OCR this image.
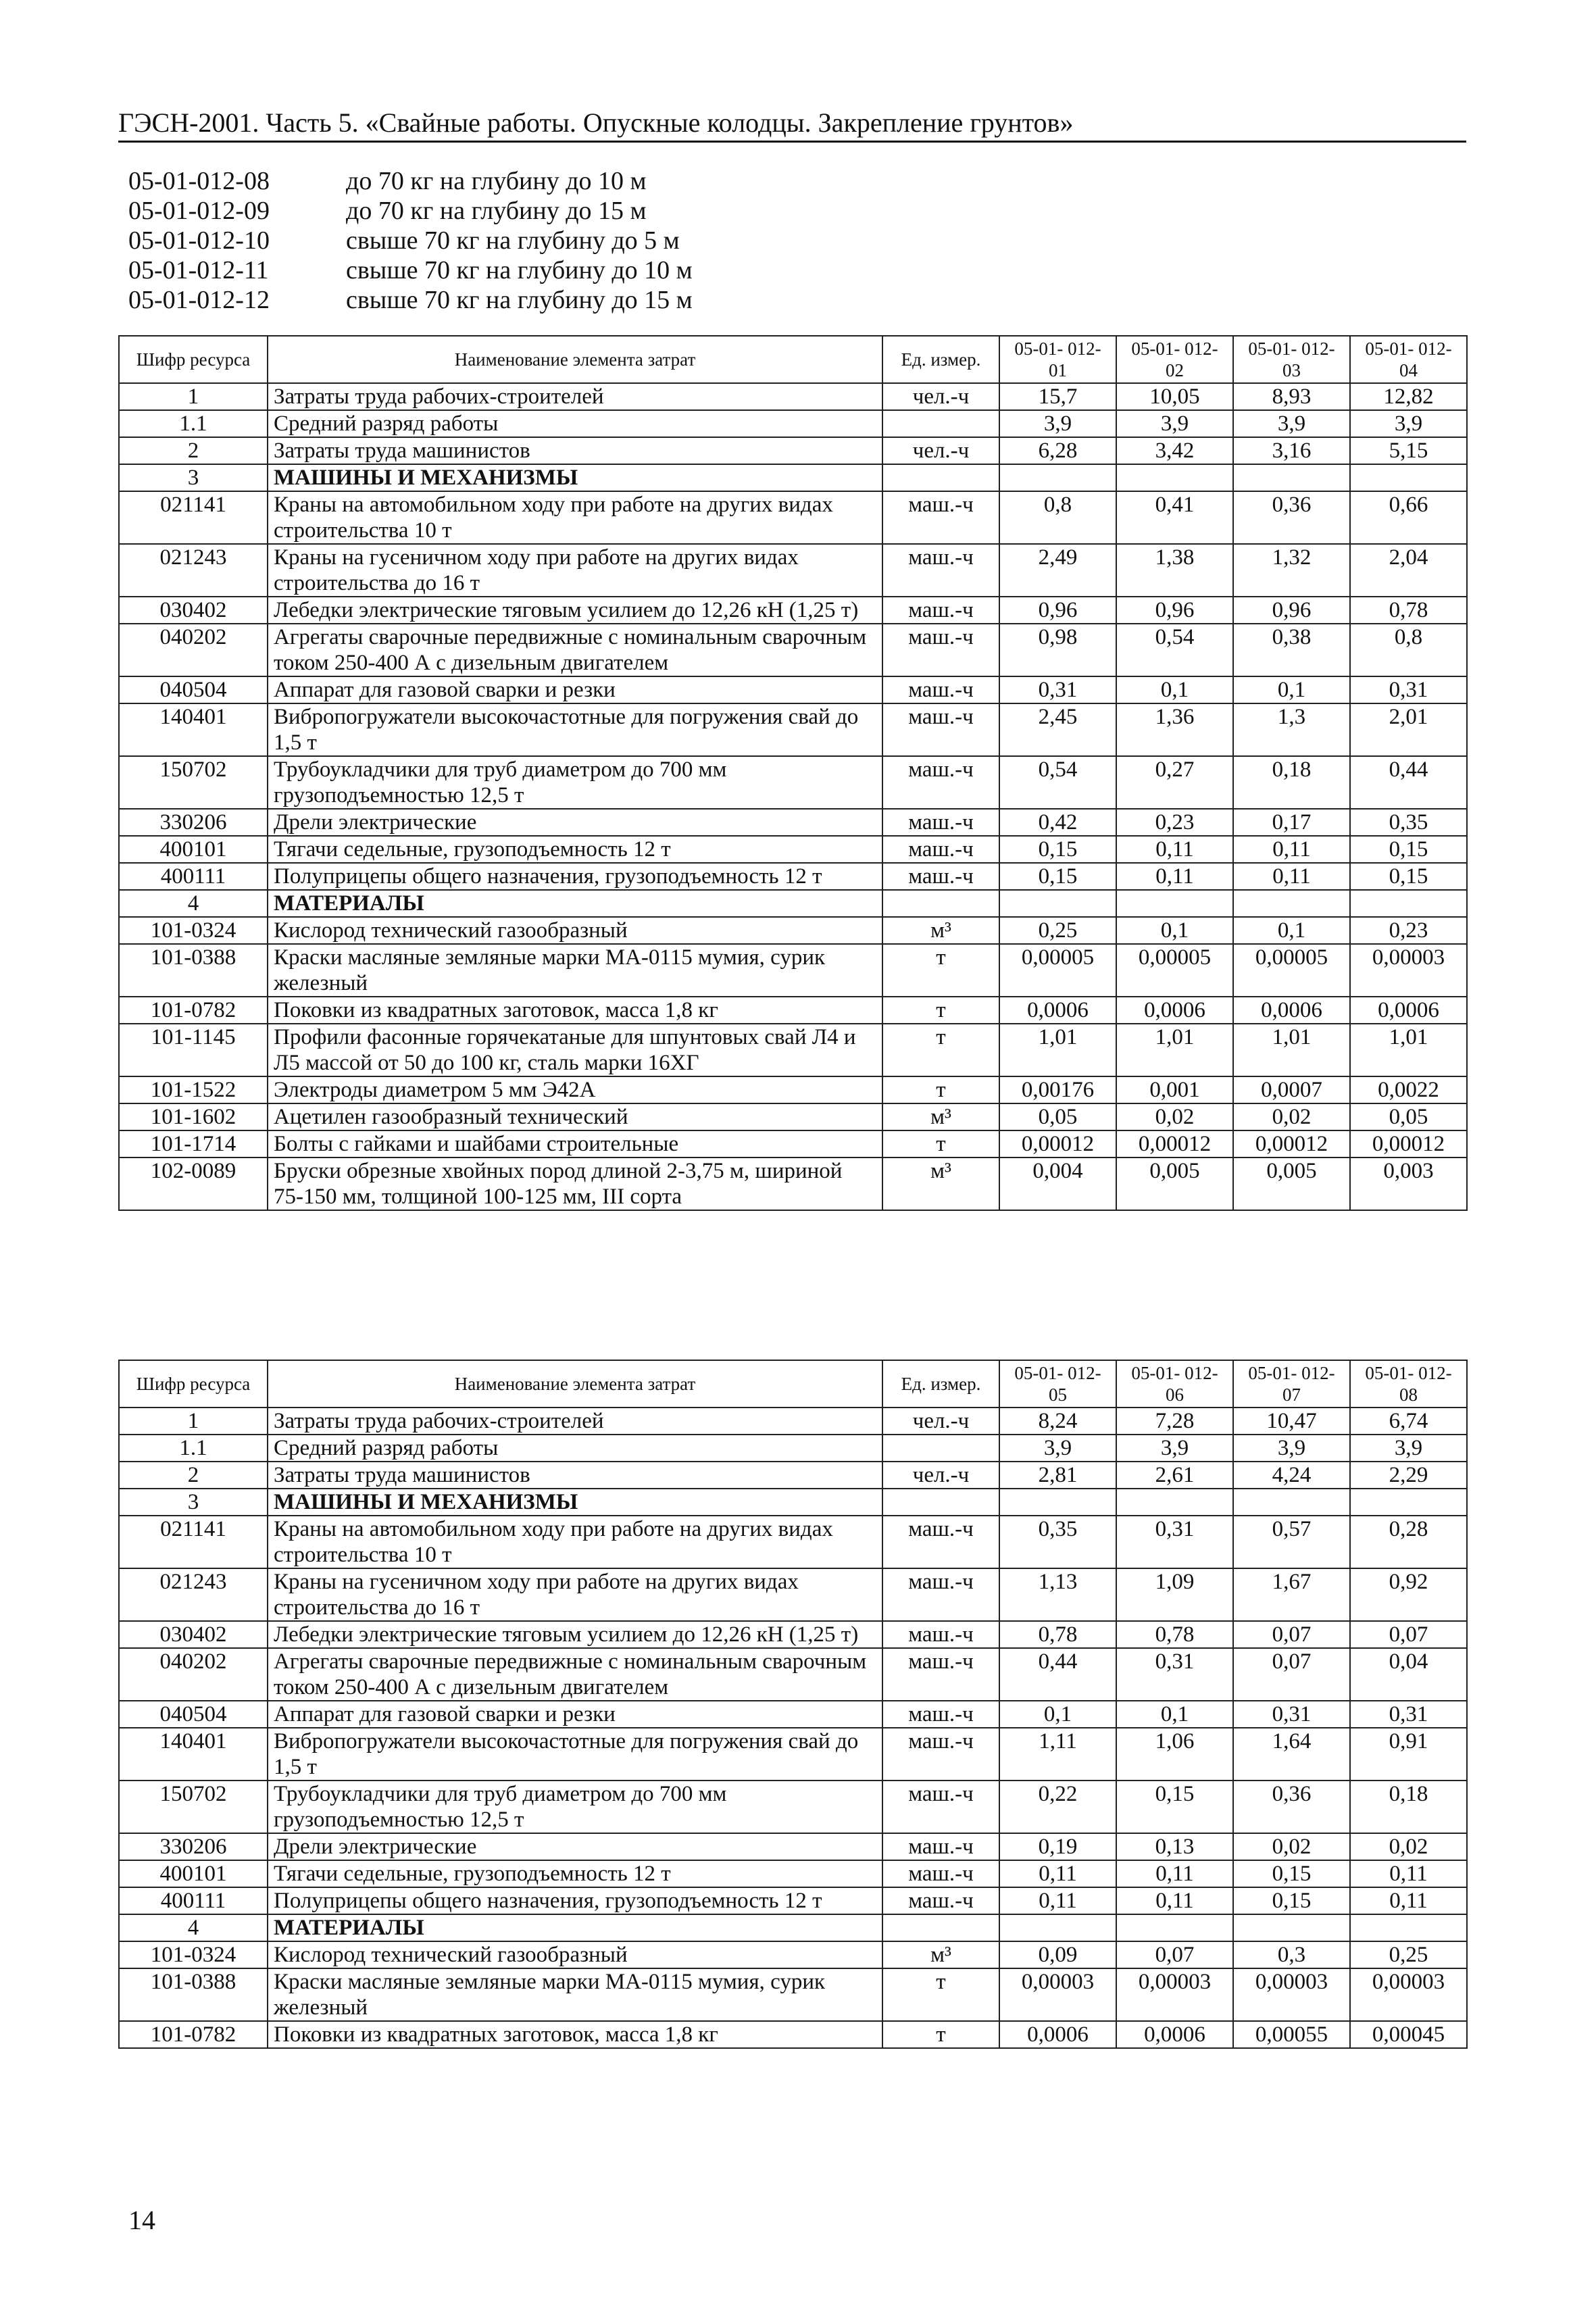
ГЭСН-2001. Часть 5. «Свайные работы. Опускные колодцы. Закрепление грунтов»
05-01-012-08	до 70 кг на глубину до 10 м
05-01-012-09	до 70 кг на глубину до 15 м
05-01-012-10	свыше 70 кг на глубину до 5 м
05-01-012-11	свыше 70 кг на глубину до 10 м
05-01-012-12	свыше 70 кг на глубину до 15 м
Шифр ресурса	Наименование элемента затрат	Ед. измер.	05-01- 012-01	05-01- 012-02	05-01- 012-03	05-01- 012-04
1	Затраты труда рабочих-строителей	чел.-ч	15,7	10,05	8,93	12,82
1.1	Средний разряд работы		3,9	3,9	3,9	3,9
2	Затраты труда машинистов	чел.-ч	6,28	3,42	3,16	5,15
3	МАШИНЫ И МЕХАНИЗМЫ					
021141	Краны на автомобильном ходу при работе на других видах строительства 10 т	маш.-ч	0,8	0,41	0,36	0,66
021243	Краны на гусеничном ходу при работе на других видах строительства до 16 т	маш.-ч	2,49	1,38	1,32	2,04
030402	Лебедки электрические тяговым усилием до 12,26 кН (1,25 т)	маш.-ч	0,96	0,96	0,96	0,78
040202	Агрегаты сварочные передвижные с номинальным сварочным током 250-400 А с дизельным двигателем	маш.-ч	0,98	0,54	0,38	0,8
040504	Аппарат для газовой сварки и резки	маш.-ч	0,31	0,1	0,1	0,31
140401	Вибропогружатели высокочастотные для погружения свай до 1,5 т	маш.-ч	2,45	1,36	1,3	2,01
150702	Трубоукладчики для труб диаметром до 700 мм грузоподъемностью 12,5 т	маш.-ч	0,54	0,27	0,18	0,44
330206	Дрели электрические	маш.-ч	0,42	0,23	0,17	0,35
400101	Тягачи седельные, грузоподъемность 12 т	маш.-ч	0,15	0,11	0,11	0,15
400111	Полуприцепы общего назначения, грузоподъемность 12 т	маш.-ч	0,15	0,11	0,11	0,15
4	МАТЕРИАЛЫ					
101-0324	Кислород технический газообразный	м³	0,25	0,1	0,1	0,23
101-0388	Краски масляные земляные марки МА-0115 мумия, сурик железный	т	0,00005	0,00005	0,00005	0,00003
101-0782	Поковки из квадратных заготовок, масса 1,8 кг	т	0,0006	0,0006	0,0006	0,0006
101-1145	Профили фасонные горячекатаные для шпунтовых свай Л4 и Л5 массой от 50 до 100 кг, сталь марки 16ХГ	т	1,01	1,01	1,01	1,01
101-1522	Электроды диаметром 5 мм Э42А	т	0,00176	0,001	0,0007	0,0022
101-1602	Ацетилен газообразный технический	м³	0,05	0,02	0,02	0,05
101-1714	Болты с гайками и шайбами строительные	т	0,00012	0,00012	0,00012	0,00012
102-0089	Бруски обрезные хвойных пород длиной 2-3,75 м, шириной 75-150 мм, толщиной 100-125 мм, III сорта	м³	0,004	0,005	0,005	0,003
Шифр ресурса	Наименование элемента затрат	Ед. измер.	05-01- 012-05	05-01- 012-06	05-01- 012-07	05-01- 012-08
1	Затраты труда рабочих-строителей	чел.-ч	8,24	7,28	10,47	6,74
1.1	Средний разряд работы		3,9	3,9	3,9	3,9
2	Затраты труда машинистов	чел.-ч	2,81	2,61	4,24	2,29
3	МАШИНЫ И МЕХАНИЗМЫ					
021141	Краны на автомобильном ходу при работе на других видах строительства 10 т	маш.-ч	0,35	0,31	0,57	0,28
021243	Краны на гусеничном ходу при работе на других видах строительства до 16 т	маш.-ч	1,13	1,09	1,67	0,92
030402	Лебедки электрические тяговым усилием до 12,26 кН (1,25 т)	маш.-ч	0,78	0,78	0,07	0,07
040202	Агрегаты сварочные передвижные с номинальным сварочным током 250-400 А с дизельным двигателем	маш.-ч	0,44	0,31	0,07	0,04
040504	Аппарат для газовой сварки и резки	маш.-ч	0,1	0,1	0,31	0,31
140401	Вибропогружатели высокочастотные для погружения свай до 1,5 т	маш.-ч	1,11	1,06	1,64	0,91
150702	Трубоукладчики для труб диаметром до 700 мм грузоподъемностью 12,5 т	маш.-ч	0,22	0,15	0,36	0,18
330206	Дрели электрические	маш.-ч	0,19	0,13	0,02	0,02
400101	Тягачи седельные, грузоподъемность 12 т	маш.-ч	0,11	0,11	0,15	0,11
400111	Полуприцепы общего назначения, грузоподъемность 12 т	маш.-ч	0,11	0,11	0,15	0,11
4	МАТЕРИАЛЫ					
101-0324	Кислород технический газообразный	м³	0,09	0,07	0,3	0,25
101-0388	Краски масляные земляные марки МА-0115 мумия, сурик железный	т	0,00003	0,00003	0,00003	0,00003
101-0782	Поковки из квадратных заготовок, масса 1,8 кг	т	0,0006	0,0006	0,00055	0,00045
14
